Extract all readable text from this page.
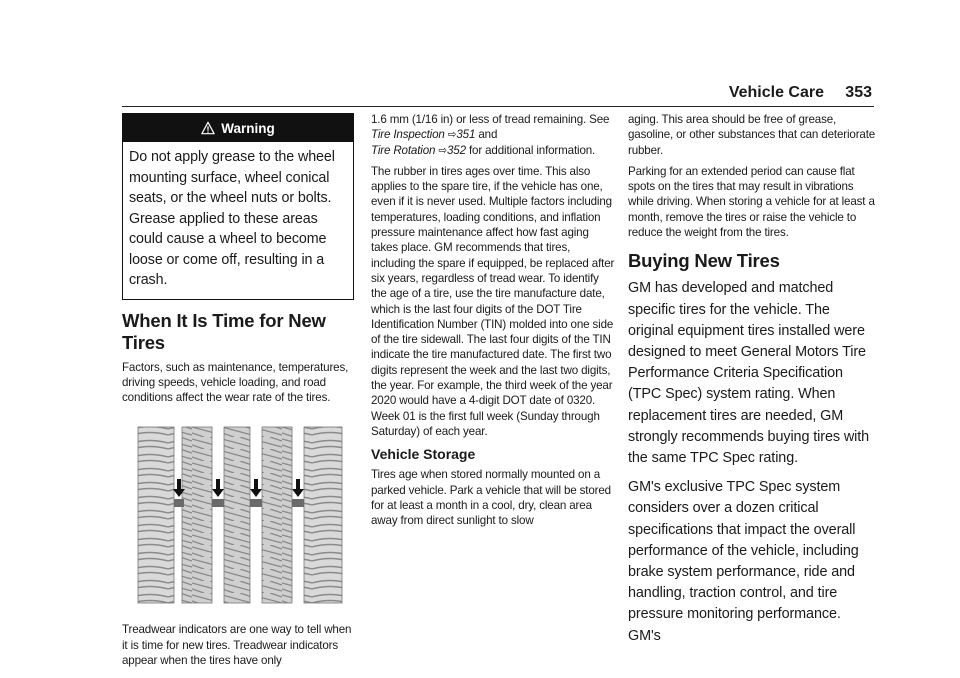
Vehicle Care 353
Warning
Do not apply grease to the wheel mounting surface, wheel conical seats, or the wheel nuts or bolts. Grease applied to these areas could cause a wheel to become loose or come off, resulting in a crash.
When It Is Time for New Tires

Factors, such as maintenance, temperatures, driving speeds, vehicle loading, and road conditions affect the wear rate of the tires.

Treadwear indicators are one way to tell when it is time for new tires. Treadwear indicators appear when the tires have only

1.6 mm (1/16 in) or less of tread remaining. See Tire Inspection ⇨351 and
Tire Rotation ⇨352 for additional information.

The rubber in tires ages over time. This also applies to the spare tire, if the vehicle has one, even if it is never used. Multiple factors including temperatures, loading conditions, and inflation pressure maintenance affect how fast aging takes place. GM recommends that tires, including the spare if equipped, be replaced after six years, regardless of tread wear. To identify the age of a tire, use the tire manufacture date, which is the last four digits of the DOT Tire Identification Number (TIN) molded into one side of the tire sidewall. The last four digits of the TIN indicate the tire manufactured date. The first two digits represent the week and the last two digits, the year. For example, the third week of the year 2020 would have a 4-digit DOT date of 0320. Week 01 is the first full week (Sunday through Saturday) of each year.

Vehicle Storage

Tires age when stored normally mounted on a parked vehicle. Park a vehicle that will be stored for at least a month in a cool, dry, clean area away from direct sunlight to slow

aging. This area should be free of grease, gasoline, or other substances that can deteriorate rubber.

Parking for an extended period can cause flat spots on the tires that may result in vibrations while driving. When storing a vehicle for at least a month, remove the tires or raise the vehicle to reduce the weight from the tires.

Buying New Tires

GM has developed and matched specific tires for the vehicle. The original equipment tires installed were designed to meet General Motors Tire Performance Criteria Specification (TPC Spec) system rating. When replacement tires are needed, GM strongly recommends buying tires with the same TPC Spec rating.

GM's exclusive TPC Spec system considers over a dozen critical specifications that impact the overall performance of the vehicle, including brake system performance, ride and handling, traction control, and tire pressure monitoring performance. GM's
